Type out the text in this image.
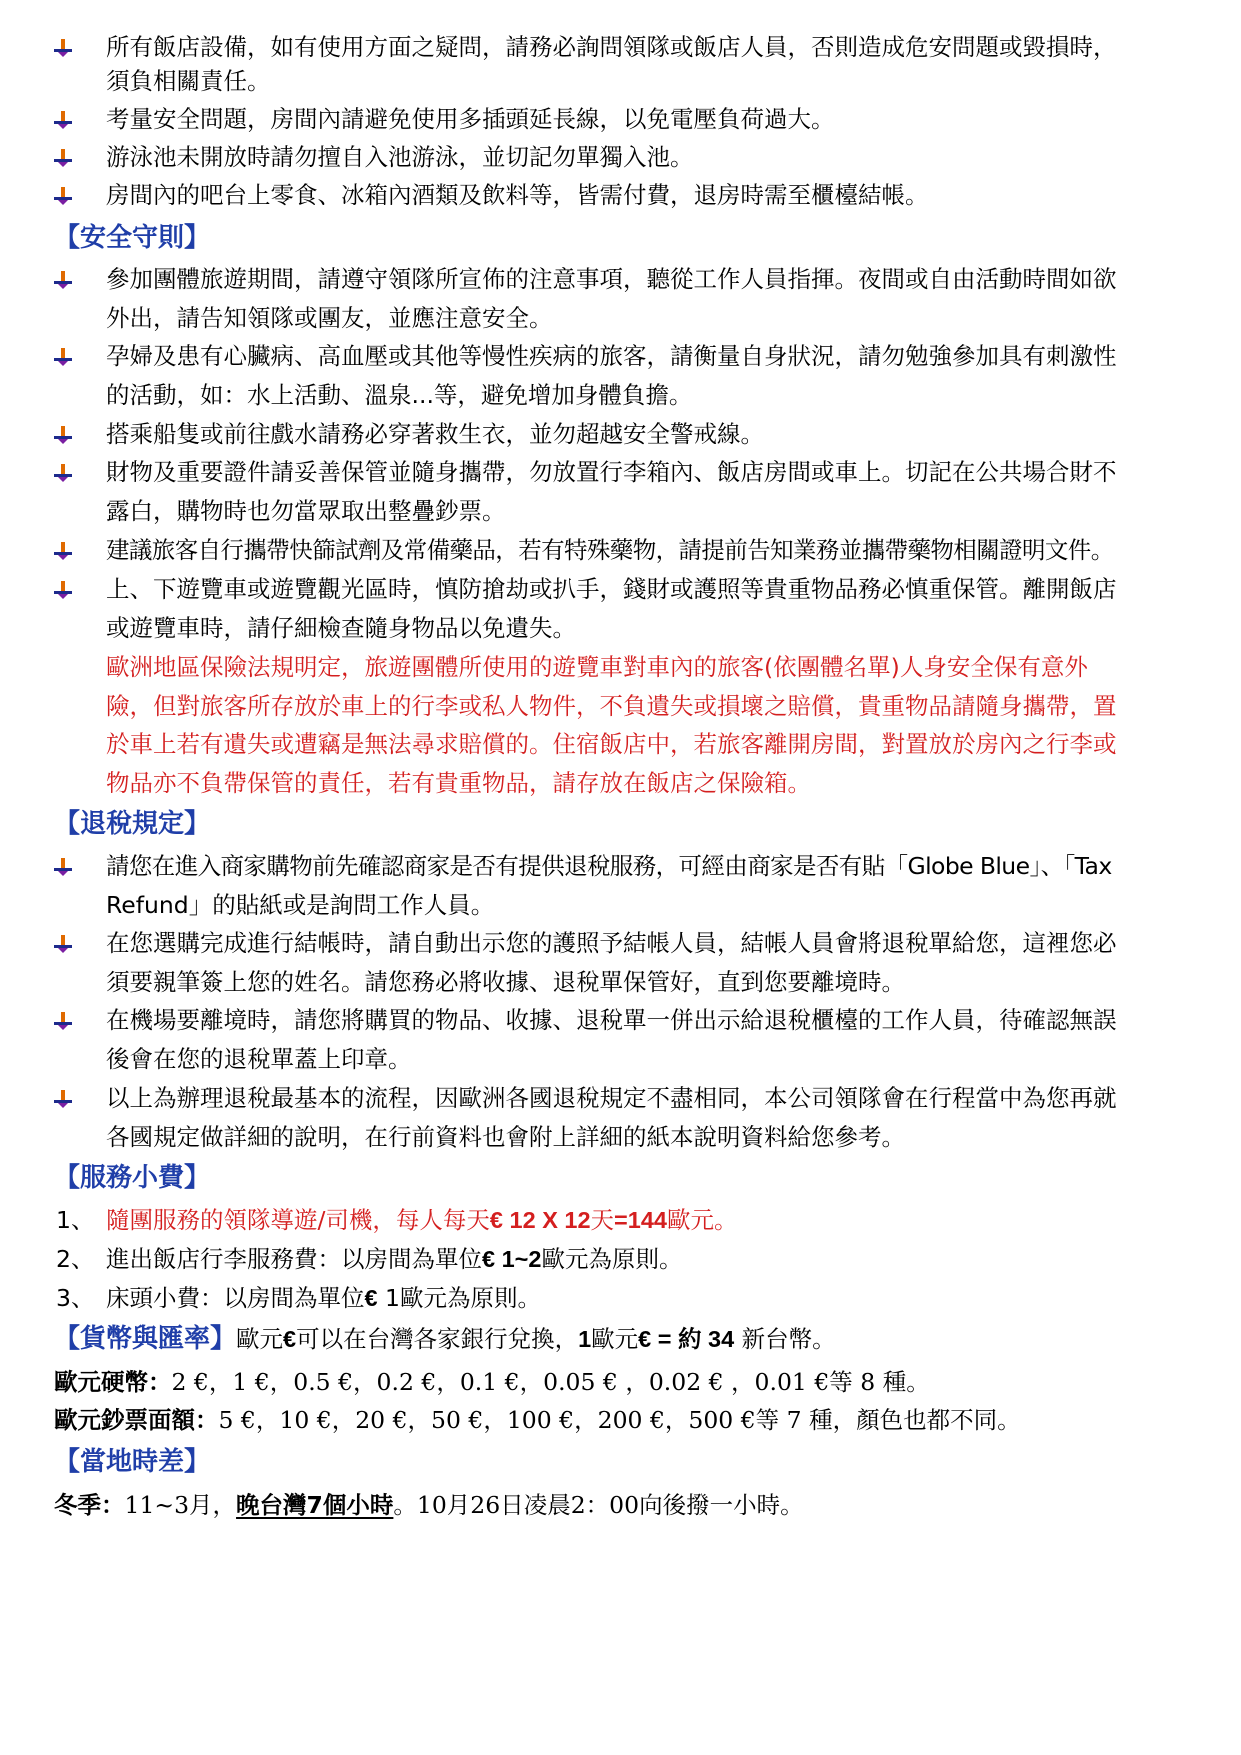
所有飯店設備，如有使用方面之疑問，請務必詢問領隊或飯店人員，否則造成危安問題或毀損時，
須負相關責任。
考量安全問題，房間內請避免使用多插頭延長線，以免電壓負荷過大。
游泳池未開放時請勿擅自入池游泳，並切記勿單獨入池。
房間內的吧台上零食、冰箱內酒類及飲料等，皆需付費，退房時需至櫃檯結帳。
【安全守則】
參加團體旅遊期間，請遵守領隊所宣佈的注意事項，聽從工作人員指揮。夜間或自由活動時間如欲
外出，請告知領隊或團友，並應注意安全。
孕婦及患有心臟病、高血壓或其他等慢性疾病的旅客，請衡量自身狀況，請勿勉強參加具有刺激性
的活動，如：水上活動、溫泉...等，避免增加身體負擔。
搭乘船隻或前往戲水請務必穿著救生衣，並勿超越安全警戒線。
財物及重要證件請妥善保管並隨身攜帶，勿放置行李箱內、飯店房間或車上。切記在公共場合財不
露白，購物時也勿當眾取出整疊鈔票。
建議旅客自行攜帶快篩試劑及常備藥品，若有特殊藥物，請提前告知業務並攜帶藥物相關證明文件。
上、下遊覽車或遊覽觀光區時，慎防搶劫或扒手，錢財或護照等貴重物品務必慎重保管。離開飯店
或遊覽車時，請仔細檢查隨身物品以免遺失。
歐洲地區保險法規明定，旅遊團體所使用的遊覽車對車內的旅客(依團體名單)人身安全保有意外
險，但對旅客所存放於車上的行李或私人物件，不負遺失或損壞之賠償，貴重物品請隨身攜帶，置
於車上若有遺失或遭竊是無法尋求賠償的。住宿飯店中，若旅客離開房間，對置放於房內之行李或
物品亦不負帶保管的責任，若有貴重物品，請存放在飯店之保險箱。
【退稅規定】
請您在進入商家購物前先確認商家是否有提供退稅服務，可經由商家是否有貼「Globe Blue」、「Tax
Refund」的貼紙或是詢問工作人員。
在您選購完成進行結帳時，請自動出示您的護照予結帳人員，結帳人員會將退稅單給您，這裡您必
須要親筆簽上您的姓名。請您務必將收據、退稅單保管好，直到您要離境時。
在機場要離境時，請您將購買的物品、收據、退稅單一併出示給退稅櫃檯的工作人員，待確認無誤
後會在您的退稅單蓋上印章。
以上為辦理退稅最基本的流程，因歐洲各國退稅規定不盡相同，本公司領隊會在行程當中為您再就
各國規定做詳細的說明，在行前資料也會附上詳細的紙本說明資料給您參考。
【服務小費】
1、 隨團服務的領隊導遊/司機，每人每天€ 12 X 12天=144歐元。
2、 進出飯店行李服務費：以房間為單位€ 1~2歐元為原則。
3、 床頭小費：以房間為單位€ 1歐元為原則。
【貨幣與匯率】歐元€可以在台灣各家銀行兌換，1歐元€ = 約 34 新台幣。
歐元硬幣：2 €，1 €，0.5 €，0.2 €，0.1 €，0.05 € ，0.02 € ，0.01 €等 8 種。
歐元鈔票面額：5 €，10 €，20 €，50 €，100 €，200 €，500 €等 7 種，顏色也都不同。
【當地時差】
冬季：11~3月，晚台灣7個小時。10月26日凌晨2：00向後撥一小時。
